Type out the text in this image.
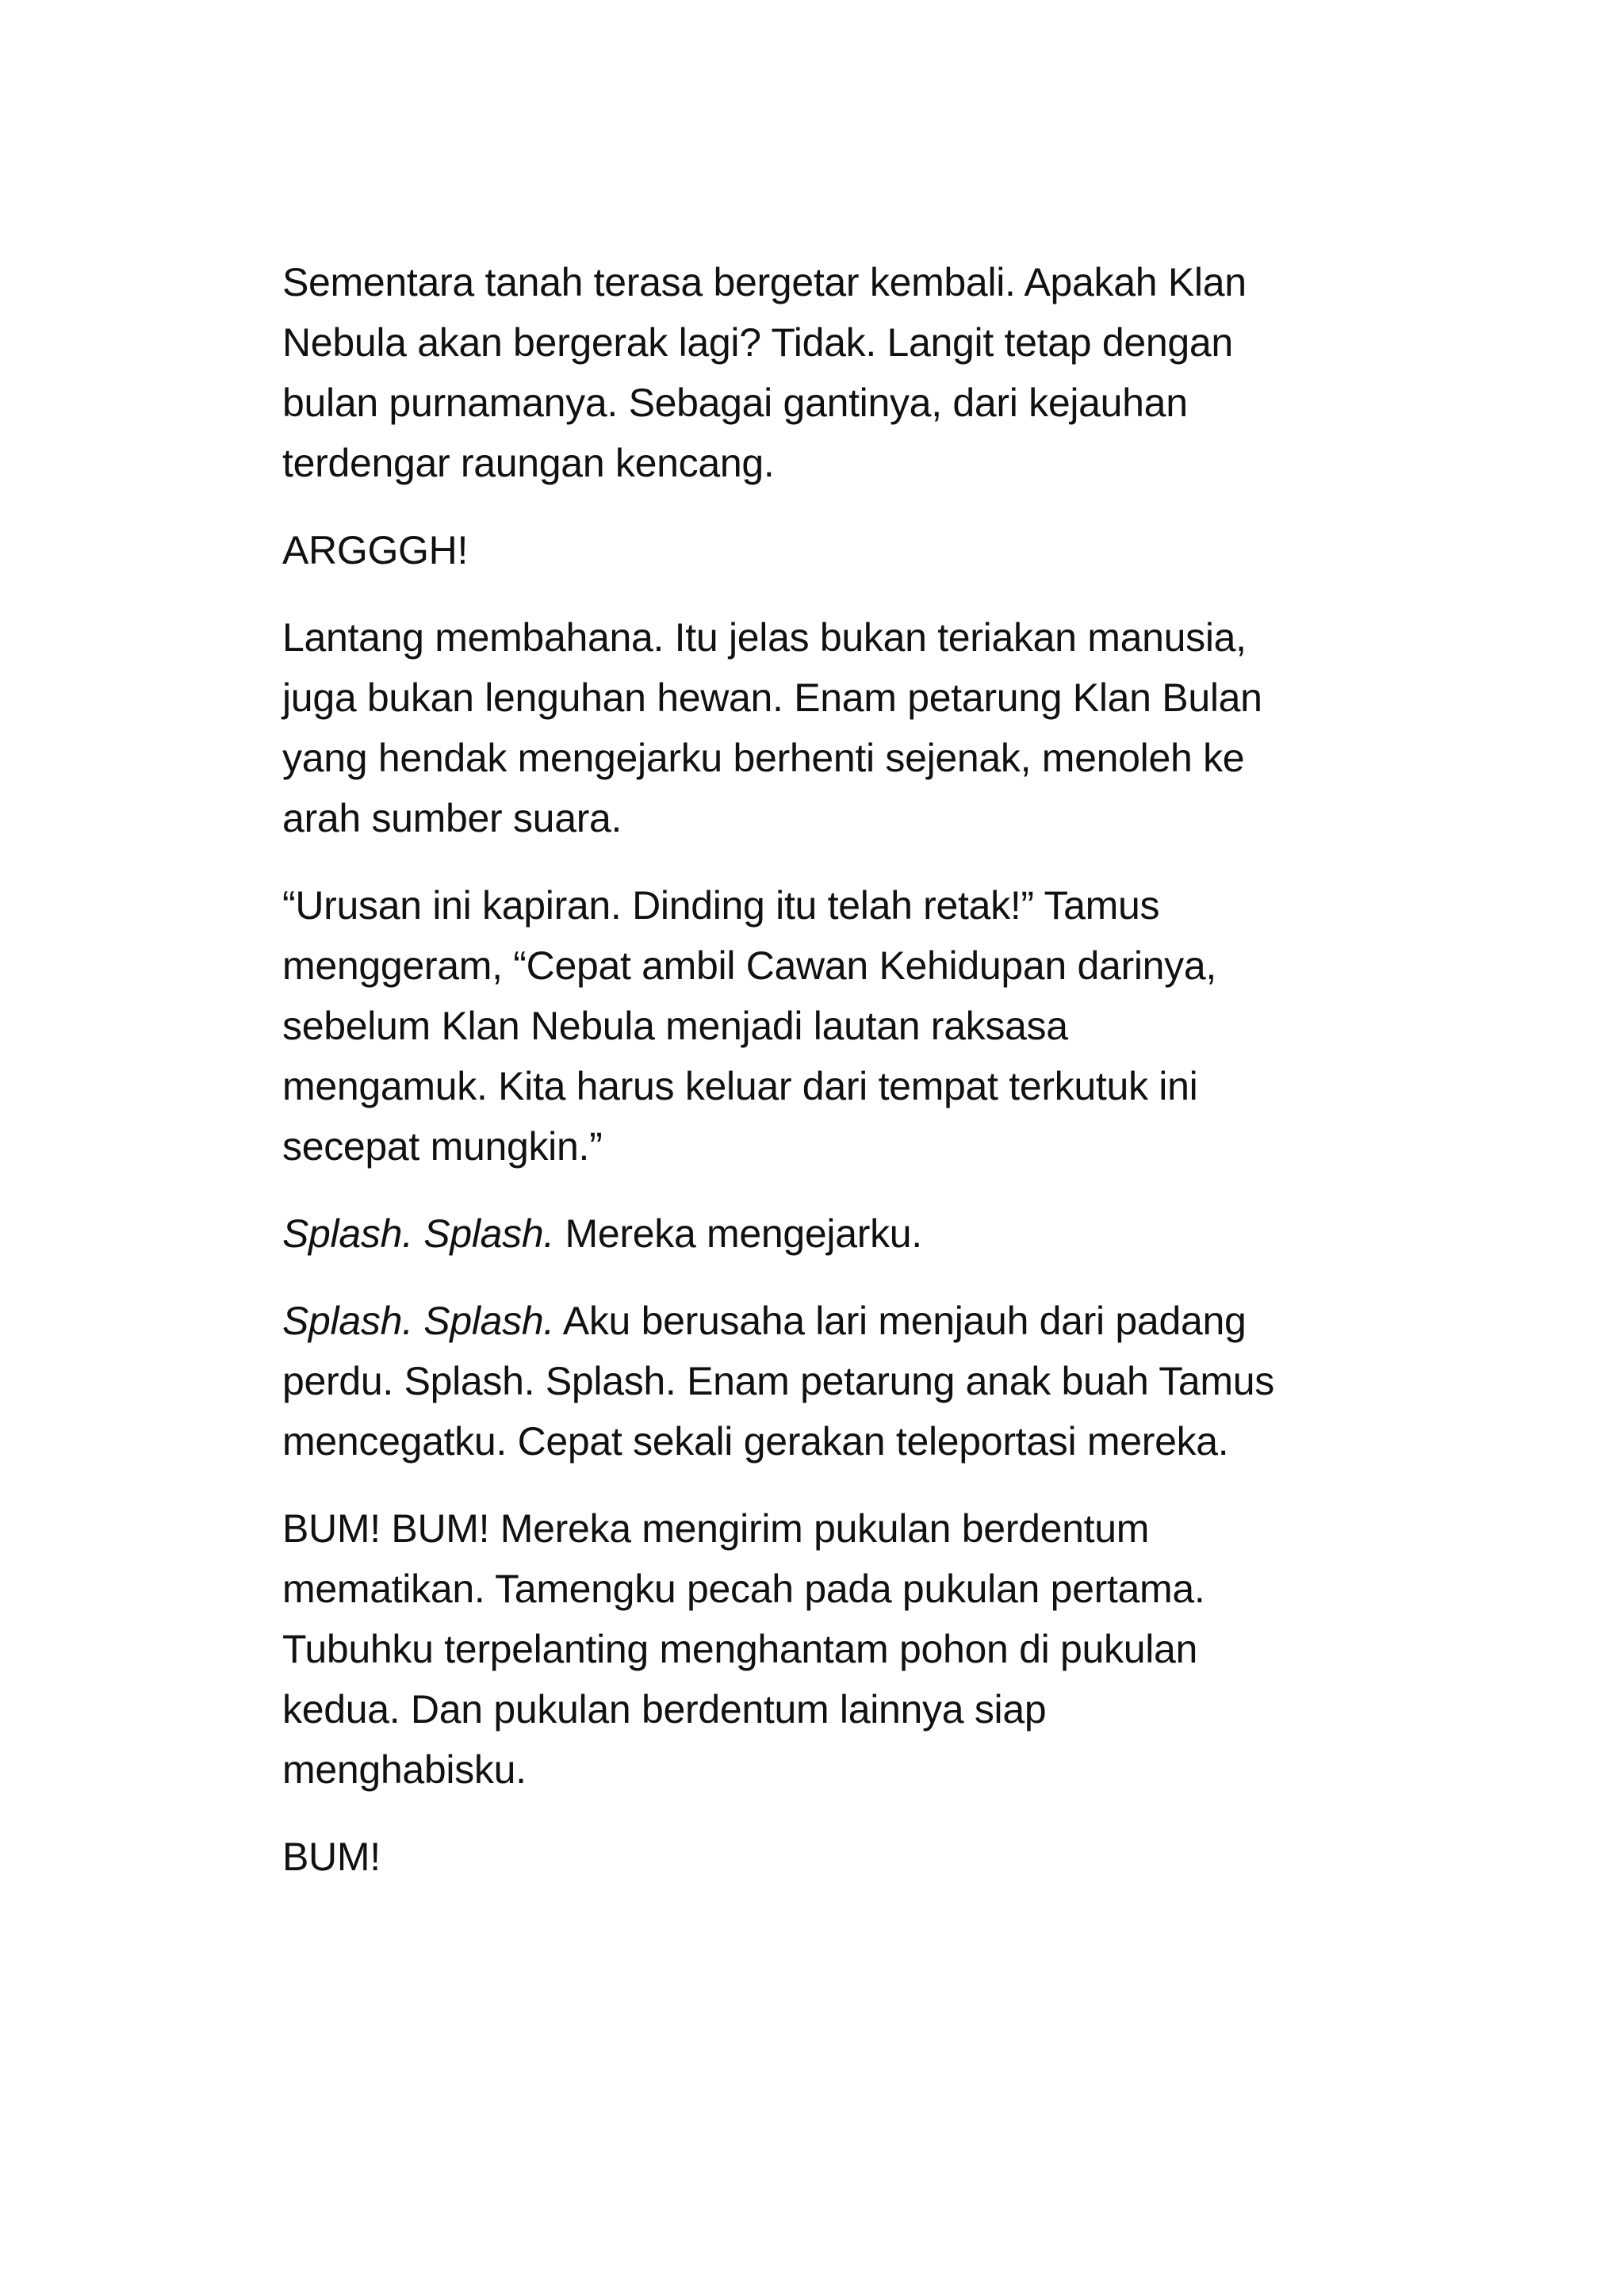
Sementara tanah terasa bergetar kembali. Apakah Klan
Nebula akan bergerak lagi? Tidak. Langit tetap dengan
bulan purnamanya. Sebagai gantinya, dari kejauhan
terdengar raungan kencang.

ARGGGH!

Lantang membahana. Itu jelas bukan teriakan manusia,
juga bukan lenguhan hewan. Enam petarung Klan Bulan
yang hendak mengejarku berhenti sejenak, menoleh ke
arah sumber suara.

“Urusan ini kapiran. Dinding itu telah retak!” Tamus
menggeram, “Cepat ambil Cawan Kehidupan darinya,
sebelum Klan Nebula menjadi lautan raksasa
mengamuk. Kita harus keluar dari tempat terkutuk ini
secepat mungkin.”

Splash. Splash. Mereka mengejarku.

Splash. Splash. Aku berusaha lari menjauh dari padang
perdu. Splash. Splash. Enam petarung anak buah Tamus
mencegatku. Cepat sekali gerakan teleportasi mereka.

BUM! BUM! Mereka mengirim pukulan berdentum
mematikan. Tamengku pecah pada pukulan pertama.
Tubuhku terpelanting menghantam pohon di pukulan
kedua. Dan pukulan berdentum lainnya siap
menghabisku.

BUM!
